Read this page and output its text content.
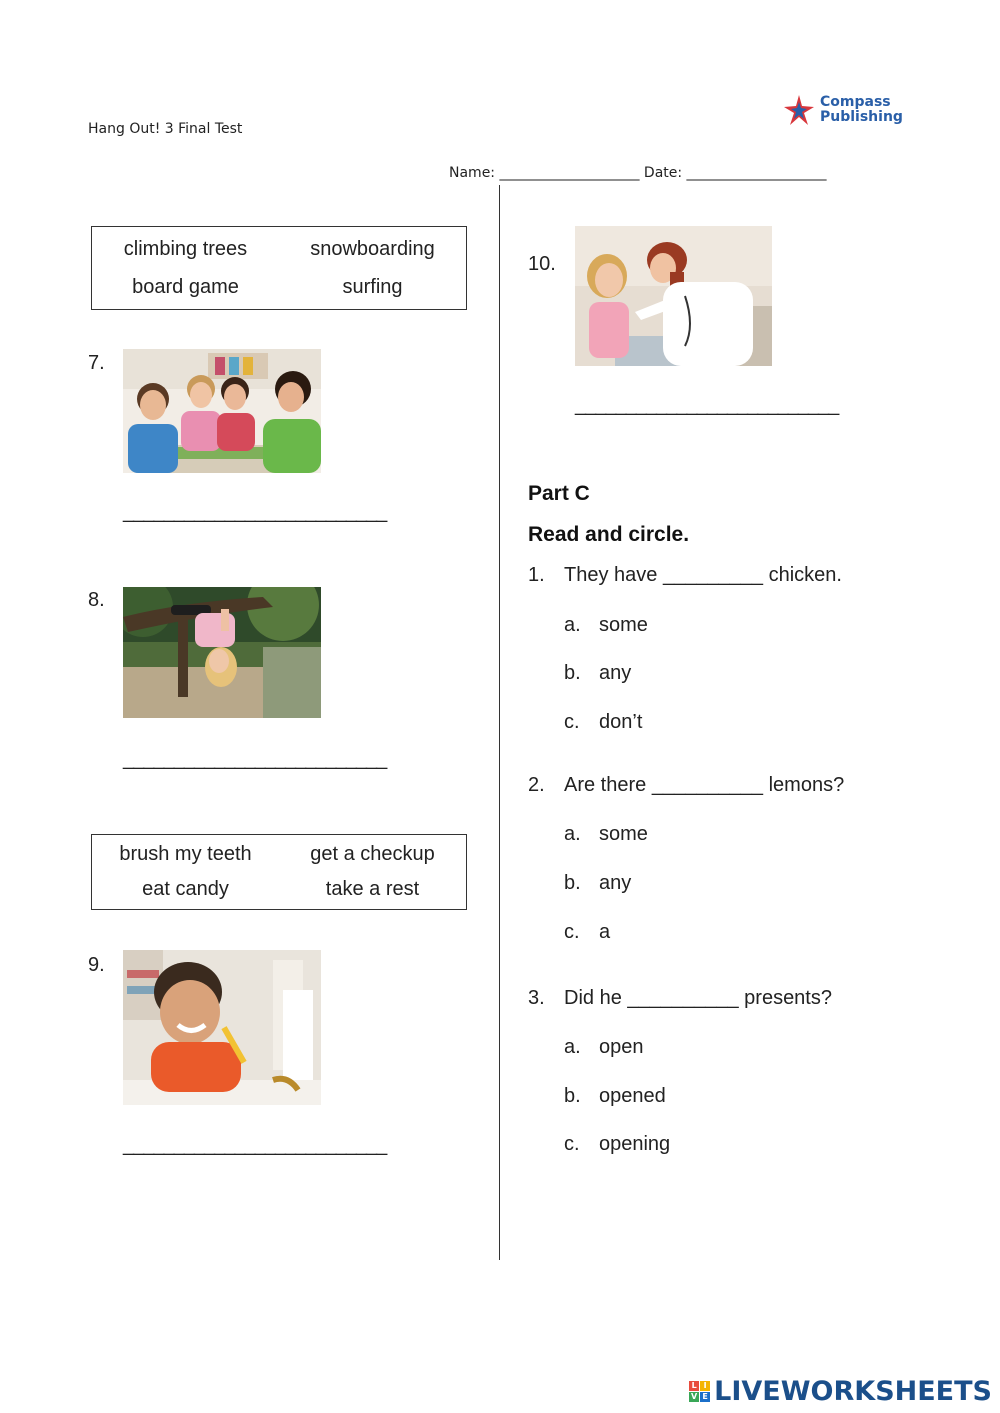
Hang Out! 3 Final Test
Compass
Publishing
Name: ____________________ Date: ____________________
climbing trees	snowboarding
board game	surfing
7.
__________________________
8.
__________________________
brush my teeth	get a checkup
eat candy	take a rest
9.
__________________________
10.
__________________________
Part C
Read and circle.
1. They have _________ chicken.
a. some
b. any
c. don’t
2. Are there __________ lemons?
a. some
b. any
c. a
3. Did he __________ presents?
a. open
b. opened
c. opening
L I
V E LIVEWORKSHEETS
